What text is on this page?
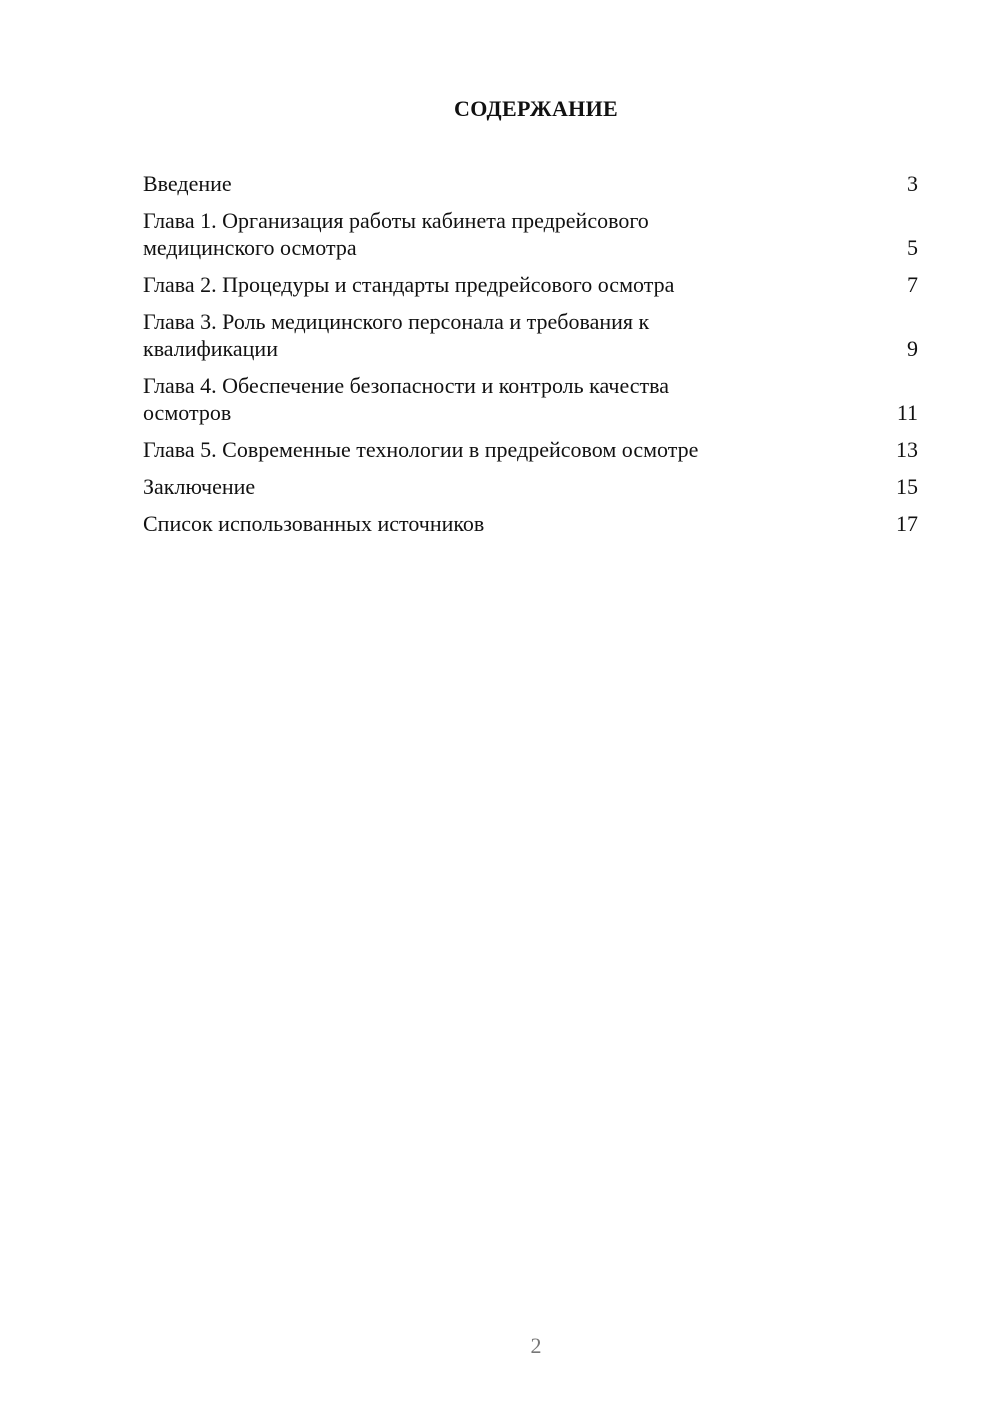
СОДЕРЖАНИЕ
Введение	3
Глава 1. Организация работы кабинета предрейсового медицинского осмотра	5
Глава 2. Процедуры и стандарты предрейсового осмотра	7
Глава 3. Роль медицинского персонала и требования к квалификации	9
Глава 4. Обеспечение безопасности и контроль качества осмотров	11
Глава 5. Современные технологии в предрейсовом осмотре	13
Заключение	15
Список использованных источников	17
2
